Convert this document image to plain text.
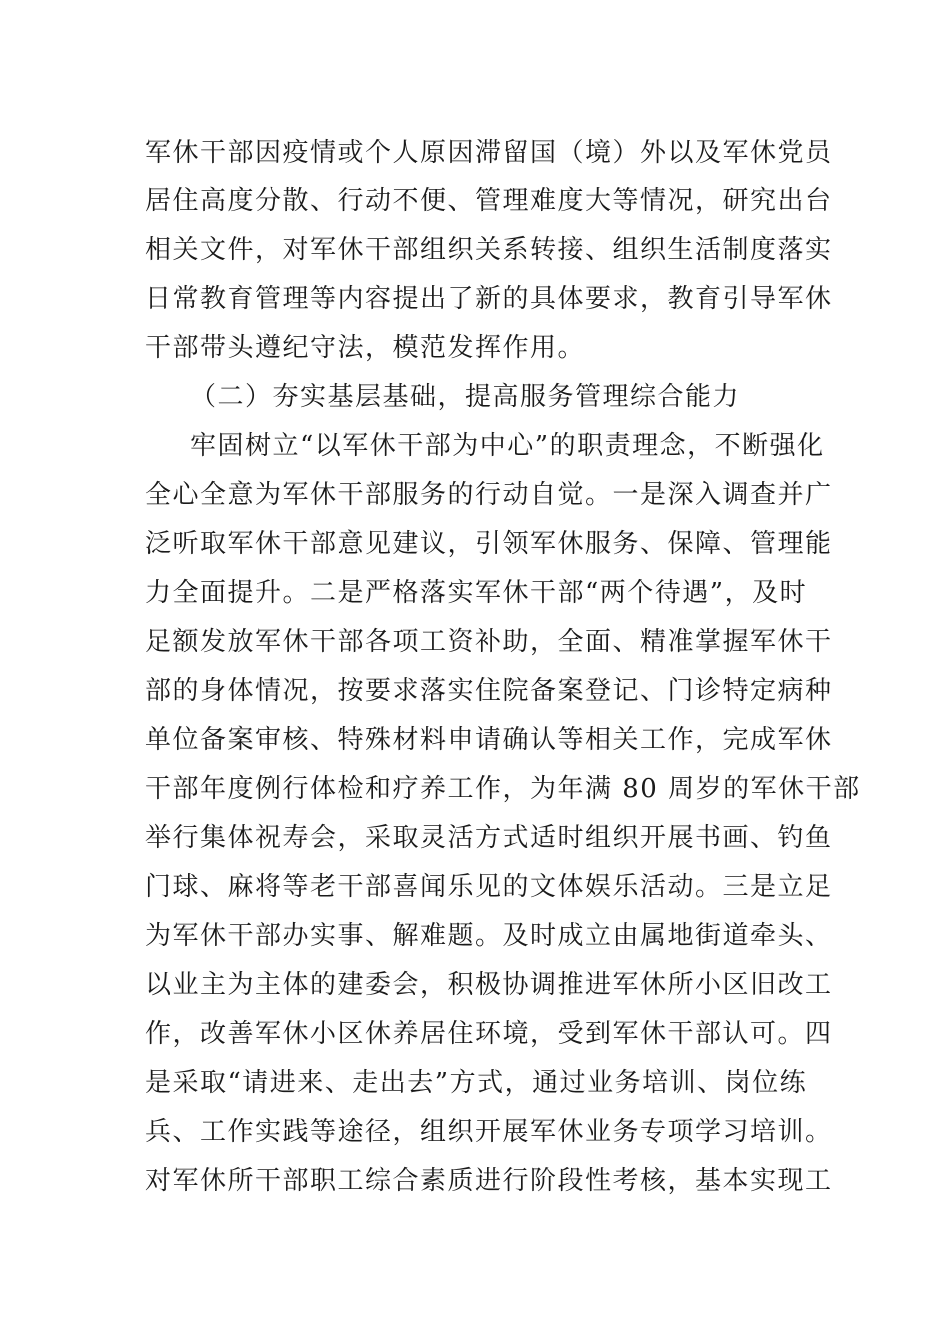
军休干部因疫情或个人原因滞留国（境）外以及军休党员
居住高度分散、行动不便、管理难度大等情况，研究出台
相关文件，对军休干部组织关系转接、组织生活制度落实
日常教育管理等内容提出了新的具体要求，教育引导军休
干部带头遵纪守法，模范发挥作用。
（二）夯实基层基础，提高服务管理综合能力
牢固树立“以军休干部为中心”的职责理念，不断强化
全心全意为军休干部服务的行动自觉。一是深入调查并广
泛听取军休干部意见建议，引领军休服务、保障、管理能
力全面提升。二是严格落实军休干部“两个待遇”，及时
足额发放军休干部各项工资补助，全面、精准掌握军休干
部的身体情况，按要求落实住院备案登记、门诊特定病种
单位备案审核、特殊材料申请确认等相关工作，完成军休
干部年度例行体检和疗养工作，为年满 80 周岁的军休干部
举行集体祝寿会，采取灵活方式适时组织开展书画、钓鱼
门球、麻将等老干部喜闻乐见的文体娱乐活动。三是立足
为军休干部办实事、解难题。及时成立由属地街道牵头、
以业主为主体的建委会，积极协调推进军休所小区旧改工
作，改善军休小区休养居住环境，受到军休干部认可。四
是采取“请进来、走出去”方式，通过业务培训、岗位练
兵、工作实践等途径，组织开展军休业务专项学习培训。
对军休所干部职工综合素质进行阶段性考核，基本实现工
